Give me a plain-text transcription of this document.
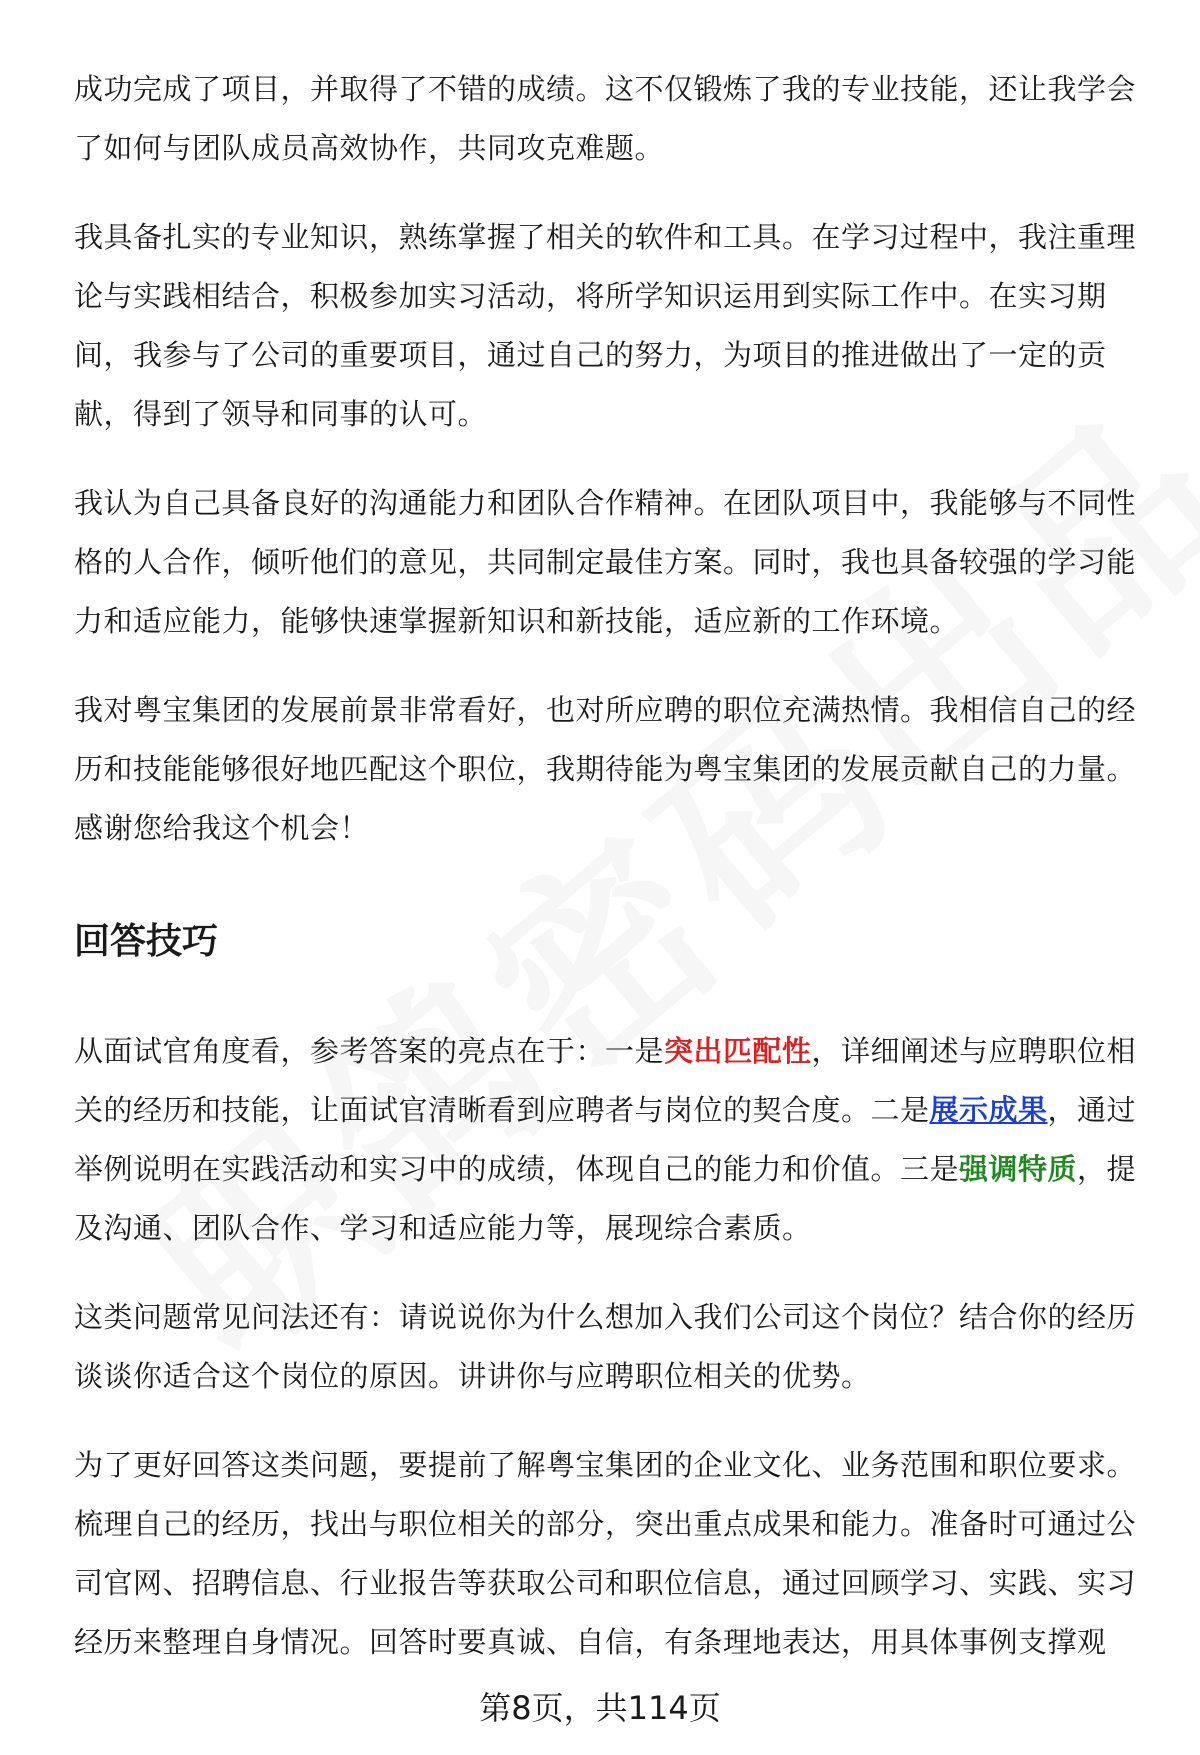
成功完成了项目，并取得了不错的成绩。这不仅锻炼了我的专业技能，还让我学会了如何与团队成员高效协作，共同攻克难题。

我具备扎实的专业知识，熟练掌握了相关的软件和工具。在学习过程中，我注重理论与实践相结合，积极参加实习活动，将所学知识运用到实际工作中。在实习期间，我参与了公司的重要项目，通过自己的努力，为项目的推进做出了一定的贡献，得到了领导和同事的认可。

我认为自己具备良好的沟通能力和团队合作精神。在团队项目中，我能够与不同性格的人合作，倾听他们的意见，共同制定最佳方案。同时，我也具备较强的学习能力和适应能力，能够快速掌握新知识和新技能，适应新的工作环境。

我对粤宝集团的发展前景非常看好，也对所应聘的职位充满热情。我相信自己的经历和技能能够很好地匹配这个职位，我期待能为粤宝集团的发展贡献自己的力量。感谢您给我这个机会！

回答技巧

从面试官角度看，参考答案的亮点在于：一是突出匹配性，详细阐述与应聘职位相关的经历和技能，让面试官清晰看到应聘者与岗位的契合度。二是展示成果，通过举例说明在实践活动和实习中的成绩，体现自己的能力和价值。三是强调特质，提及沟通、团队合作、学习和适应能力等，展现综合素质。

这类问题常见问法还有：请说说你为什么想加入我们公司这个岗位？结合你的经历谈谈你适合这个岗位的原因。讲讲你与应聘职位相关的优势。

为了更好回答这类问题，要提前了解粤宝集团的企业文化、业务范围和职位要求。梳理自己的经历，找出与职位相关的部分，突出重点成果和能力。准备时可通过公司官网、招聘信息、行业报告等获取公司和职位信息，通过回顾学习、实践、实习经历来整理自身情况。回答时要真诚、自信，有条理地表达，用具体事例支撑观

第8页，共114页
